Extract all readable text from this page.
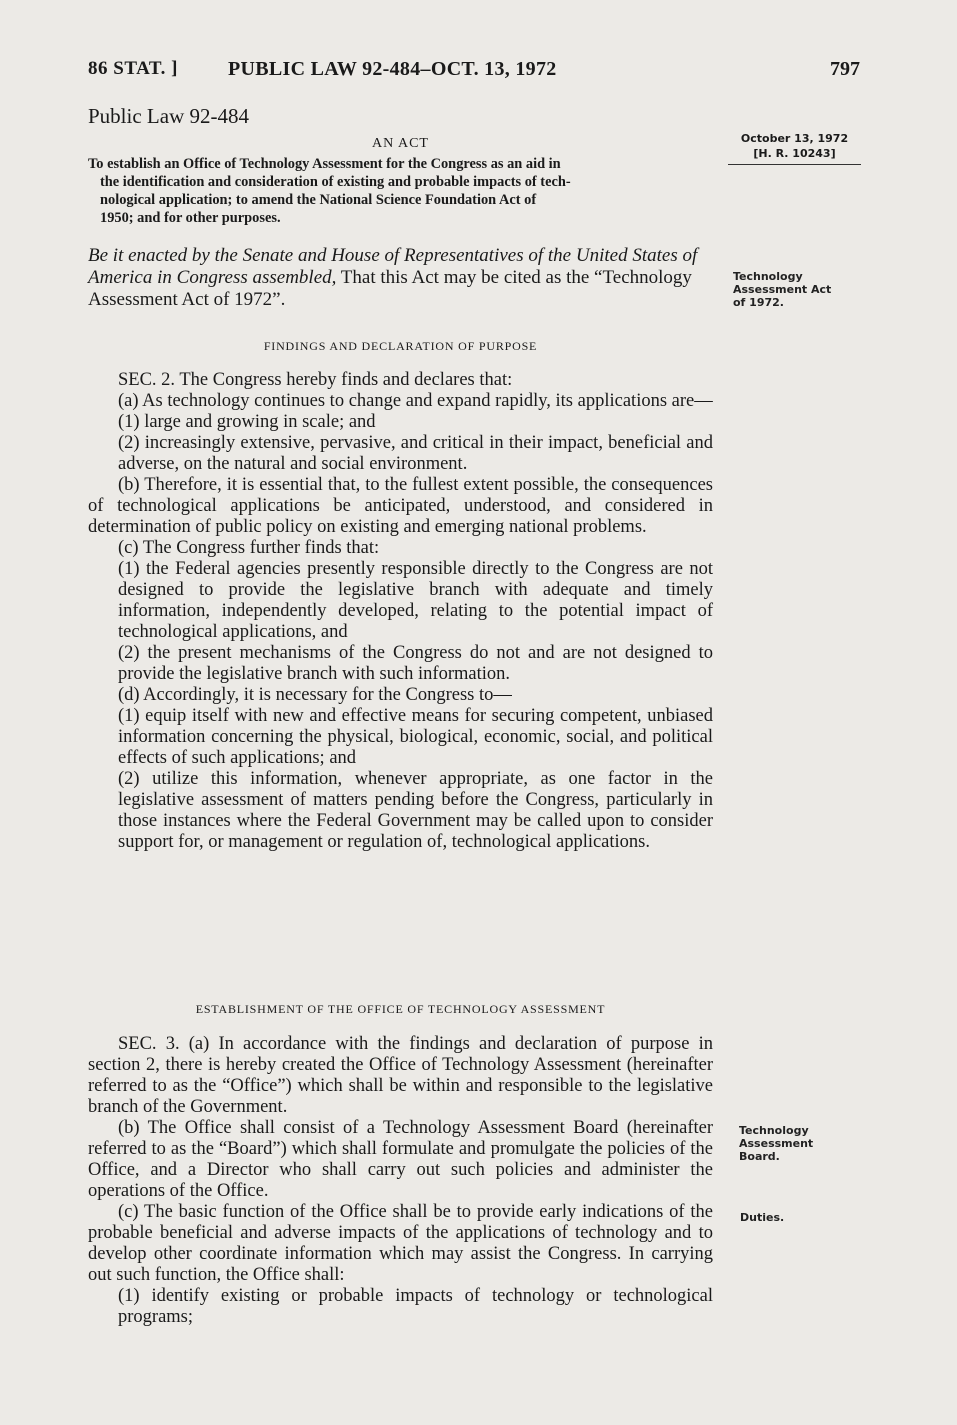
86 STAT. ]	PUBLIC LAW 92-484–OCT. 13, 1972	797
Public Law 92-484
AN ACT
To establish an Office of Technology Assessment for the Congress as an aid in
the identification and consideration of existing and probable impacts of tech-
nological application; to amend the National Science Foundation Act of
1950; and for other purposes.
October 13, 1972
[H. R. 10243]
Be it enacted by the Senate and House of Representatives of the United States of America in Congress assembled, That this Act may be cited as the “Technology Assessment Act of 1972”.
Technology
Assessment Act
of 1972.
FINDINGS AND DECLARATION OF PURPOSE

SEC. 2. The Congress hereby finds and declares that:

(a) As technology continues to change and expand rapidly, its applications are—

(1) large and growing in scale; and

(2) increasingly extensive, pervasive, and critical in their impact, beneficial and adverse, on the natural and social environment.

(b) Therefore, it is essential that, to the fullest extent possible, the consequences of technological applications be anticipated, understood, and considered in determination of public policy on existing and emerging national problems.

(c) The Congress further finds that:

(1) the Federal agencies presently responsible directly to the Congress are not designed to provide the legislative branch with adequate and timely information, independently developed, relating to the potential impact of technological applications, and

(2) the present mechanisms of the Congress do not and are not designed to provide the legislative branch with such information.

(d) Accordingly, it is necessary for the Congress to—

(1) equip itself with new and effective means for securing competent, unbiased information concerning the physical, biological, economic, social, and political effects of such applications; and

(2) utilize this information, whenever appropriate, as one factor in the legislative assessment of matters pending before the Congress, particularly in those instances where the Federal Government may be called upon to consider support for, or management or regulation of, technological applications.

ESTABLISHMENT OF THE OFFICE OF TECHNOLOGY ASSESSMENT

SEC. 3. (a) In accordance with the findings and declaration of purpose in section 2, there is hereby created the Office of Technology Assessment (hereinafter referred to as the “Office”) which shall be within and responsible to the legislative branch of the Government.

(b) The Office shall consist of a Technology Assessment Board (hereinafter referred to as the “Board”) which shall formulate and promulgate the policies of the Office, and a Director who shall carry out such policies and administer the operations of the Office.

(c) The basic function of the Office shall be to provide early indications of the probable beneficial and adverse impacts of the applications of technology and to develop other coordinate information which may assist the Congress. In carrying out such function, the Office shall:

(1) identify existing or probable impacts of technology or technological programs;

Technology
Assessment
Board.
Duties.
